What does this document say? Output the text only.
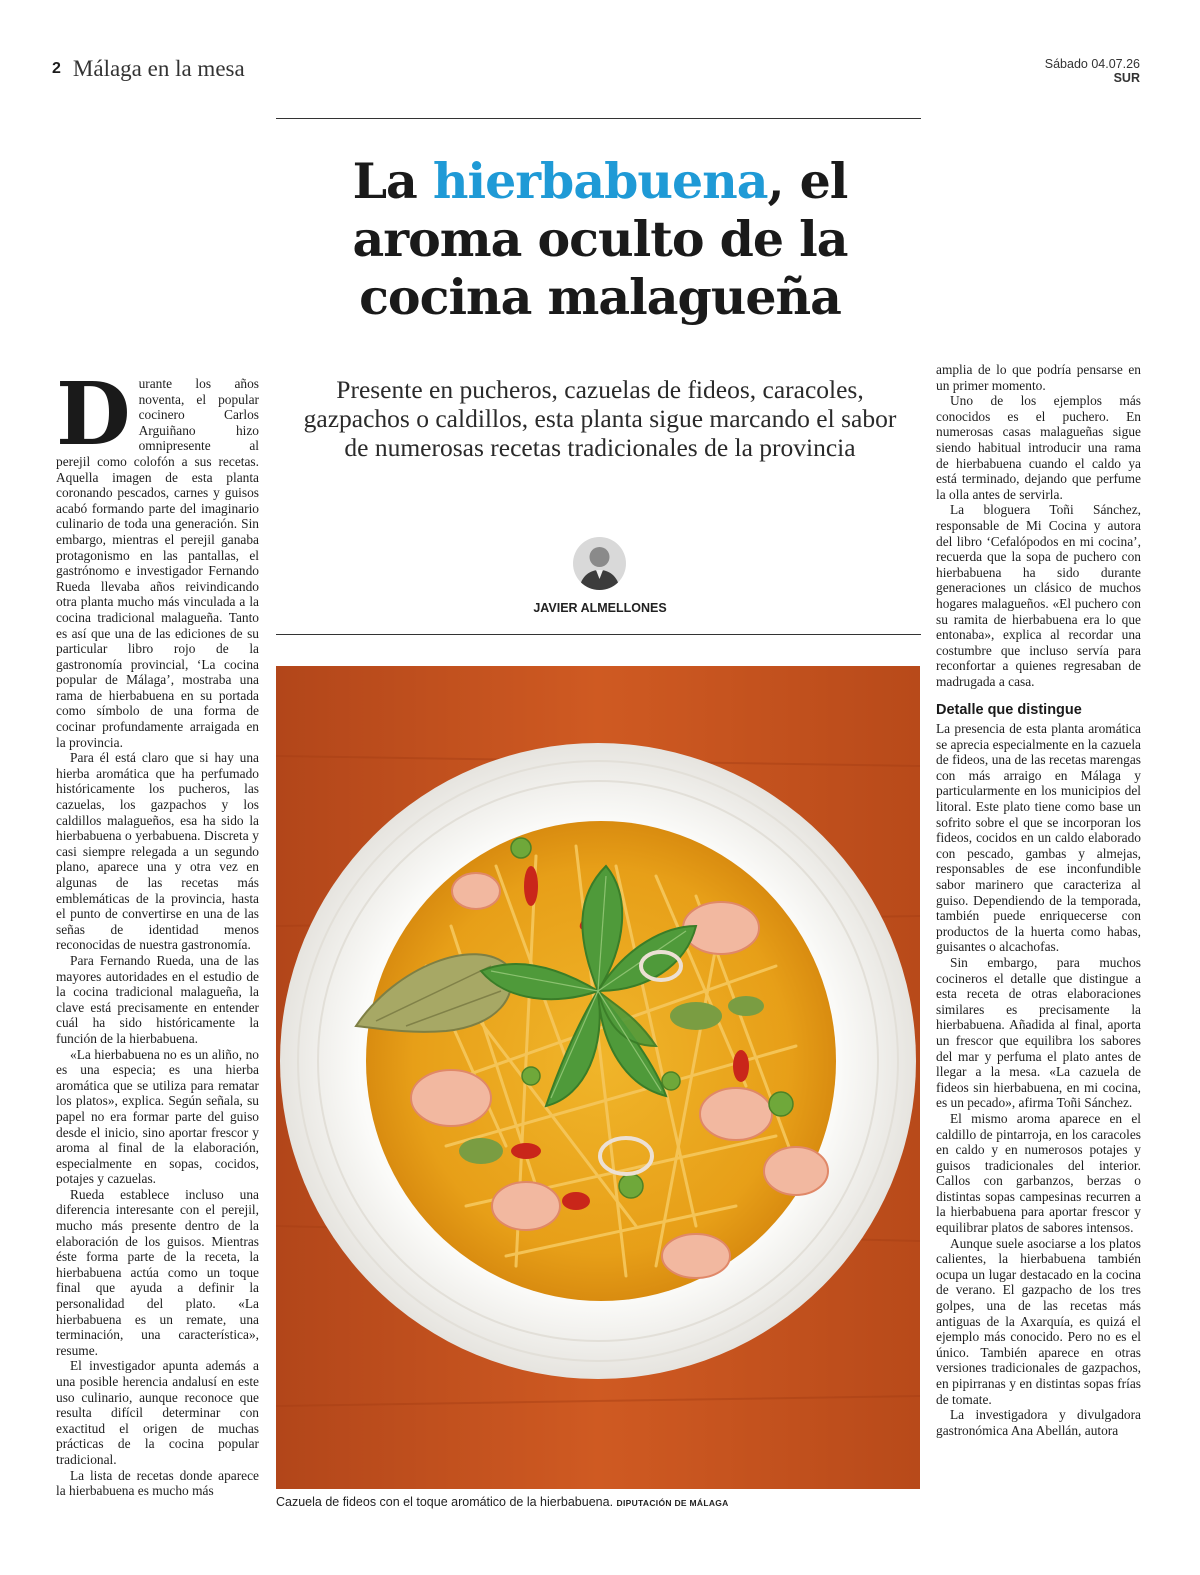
2 Málaga en la mesa	Sábado 04.07.26
SUR
La hierbabuena, el aroma oculto de la cocina malagueña
Presente en pucheros, cazuelas de fideos, caracoles, gazpachos o caldillos, esta planta sigue marcando el sabor de numerosas recetas tradicionales de la provincia
JAVIER ALMELLONES
D urante los años noventa, el popular cocinero Carlos Arguiñano hizo omnipresente al perejil como colofón a sus recetas. Aquella imagen de esta planta coronando pescados, carnes y guisos acabó formando parte del imaginario culinario de toda una generación. Sin embargo, mientras el perejil ganaba protagonismo en las pantallas, el gastrónomo e investigador Fernando Rueda llevaba años reivindicando otra planta mucho más vinculada a la cocina tradicional malagueña. Tanto es así que una de las ediciones de su particular libro rojo de la gastronomía provincial, ‘La cocina popular de Málaga’, mostraba una rama de hierbabuena en su portada como símbolo de una forma de cocinar profundamente arraigada en la provincia.

Para él está claro que si hay una hierba aromática que ha perfumado históricamente los pucheros, las cazuelas, los gazpachos y los caldillos malagueños, esa ha sido la hierbabuena o yerbabuena. Discreta y casi siempre relegada a un segundo plano, aparece una y otra vez en algunas de las recetas más emblemáticas de la provincia, hasta el punto de convertirse en una de las señas de identidad menos reconocidas de nuestra gastronomía.

Para Fernando Rueda, una de las mayores autoridades en el estudio de la cocina tradicional malagueña, la clave está precisamente en entender cuál ha sido históricamente la función de la hierbabuena.

«La hierbabuena no es un aliño, no es una especia; es una hierba aromática que se utiliza para rematar los platos», explica. Según señala, su papel no era formar parte del guiso desde el inicio, sino aportar frescor y aroma al final de la elaboración, especialmente en sopas, cocidos, potajes y cazuelas.

Rueda establece incluso una diferencia interesante con el perejil, mucho más presente dentro de la elaboración de los guisos. Mientras éste forma parte de la receta, la hierbabuena actúa como un toque final que ayuda a definir la personalidad del plato. «La hierbabuena es un remate, una terminación, una característica», resume.

El investigador apunta además a una posible herencia andalusí en este uso culinario, aunque reconoce que resulta difícil determinar con exactitud el origen de muchas prácticas de la cocina popular tradicional.

La lista de recetas donde aparece la hierbabuena es mucho más

amplia de lo que podría pensarse en un primer momento.

Uno de los ejemplos más conocidos es el puchero. En numerosas casas malagueñas sigue siendo habitual introducir una rama de hierbabuena cuando el caldo ya está terminado, dejando que perfume la olla antes de servirla.

La bloguera Toñi Sánchez, responsable de Mi Cocina y autora del libro ‘Cefalópodos en mi cocina’, recuerda que la sopa de puchero con hierbabuena ha sido durante generaciones un clásico de muchos hogares malagueños. «El puchero con su ramita de hierbabuena era lo que entonaba», explica al recordar una costumbre que incluso servía para reconfortar a quienes regresaban de madrugada a casa.

Detalle que distingue

La presencia de esta planta aromática se aprecia especialmente en la cazuela de fideos, una de las recetas marengas con más arraigo en Málaga y particularmente en los municipios del litoral. Este plato tiene como base un sofrito sobre el que se incorporan los fideos, cocidos en un caldo elaborado con pescado, gambas y almejas, responsables de ese inconfundible sabor marinero que caracteriza al guiso. Dependiendo de la temporada, también puede enriquecerse con productos de la huerta como habas, guisantes o alcachofas.

Sin embargo, para muchos cocineros el detalle que distingue a esta receta de otras elaboraciones similares es precisamente la hierbabuena. Añadida al final, aporta un frescor que equilibra los sabores del mar y perfuma el plato antes de llegar a la mesa. «La cazuela de fideos sin hierbabuena, en mi cocina, es un pecado», afirma Toñi Sánchez.

El mismo aroma aparece en el caldillo de pintarroja, en los caracoles en caldo y en numerosos potajes y guisos tradicionales del interior. Callos con garbanzos, berzas o distintas sopas campesinas recurren a la hierbabuena para aportar frescor y equilibrar platos de sabores intensos.

Aunque suele asociarse a los platos calientes, la hierbabuena también ocupa un lugar destacado en la cocina de verano. El gazpacho de los tres golpes, una de las recetas más antiguas de la Axarquía, es quizá el ejemplo más conocido. Pero no es el único. También aparece en otras versiones tradicionales de gazpachos, en pipirranas y en distintas sopas frías de tomate.

La investigadora y divulgadora gastronómica Ana Abellán, autora

Cazuela de fideos con el toque aromático de la hierbabuena. DIPUTACIÓN DE MÁLAGA
